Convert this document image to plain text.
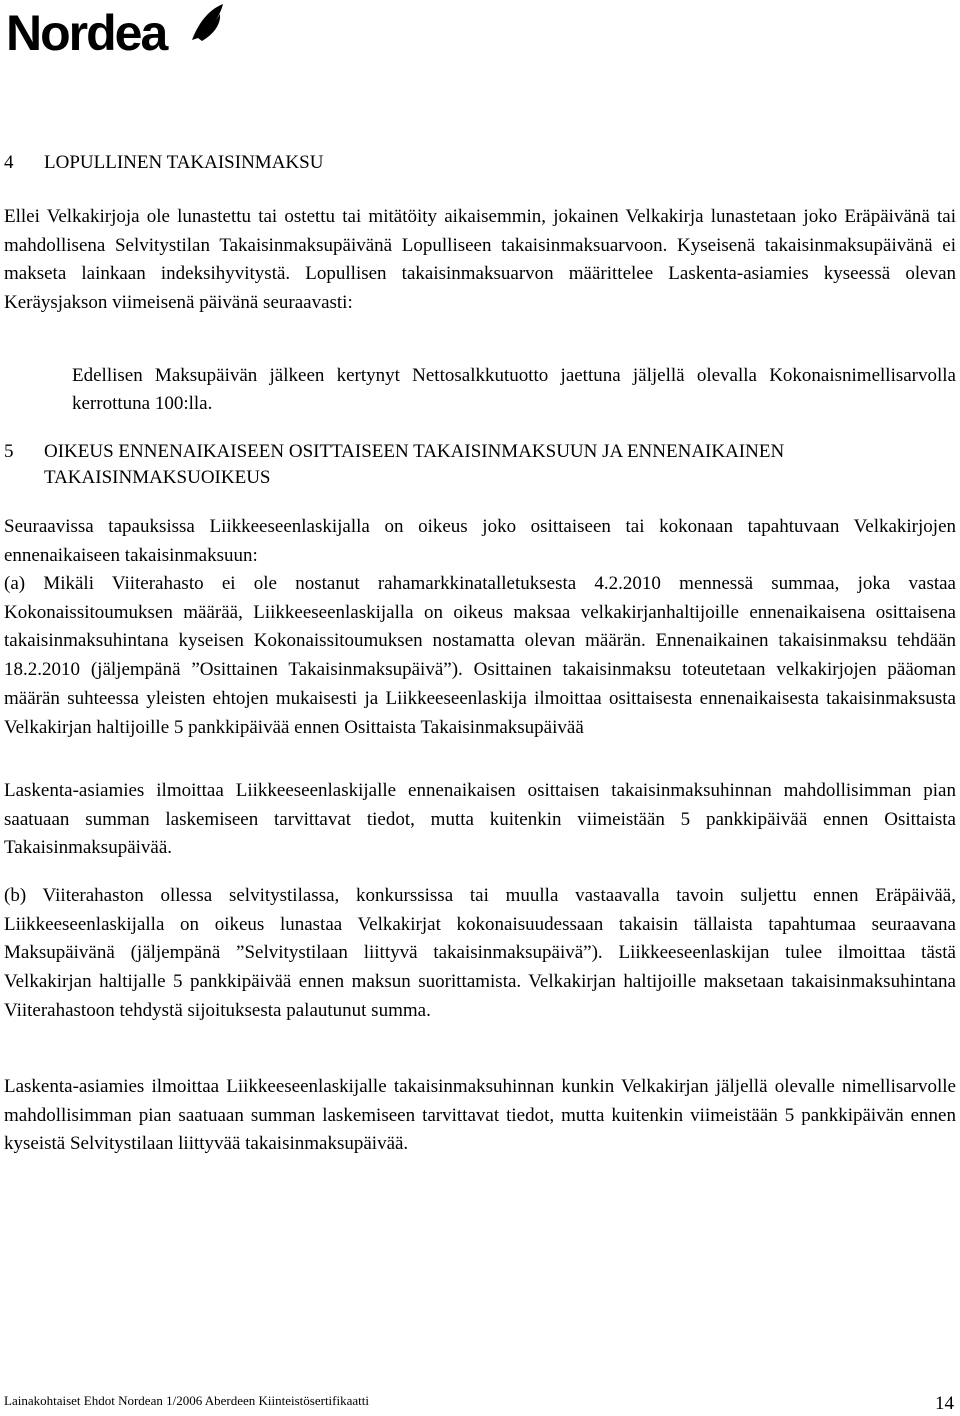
Nordea
4 LOPULLINEN TAKAISINMAKSU

Ellei Velkakirjoja ole lunastettu tai ostettu tai mitätöity aikaisemmin, jokainen Velkakirja lunastetaan joko Eräpäivänä tai mahdollisena Selvitystilan Takaisinmaksupäivänä Lopulliseen takaisinmaksuarvoon. Kyseisenä takaisinmaksupäivänä ei makseta lainkaan indeksihyvitystä. Lopullisen takaisinmaksuarvon määrittelee Laskenta-asiamies kyseessä olevan Keräysjakson viimeisenä päivänä seuraavasti:

Edellisen Maksupäivän jälkeen kertynyt Nettosalkkutuotto jaettuna jäljellä olevalla Kokonaisnimellisarvolla kerrottuna 100:lla.

5 OIKEUS ENNENAIKAISEEN OSITTAISEEN TAKAISINMAKSUUN JA ENNENAIKAINEN
TAKAISINMAKSUOIKEUS

Seuraavissa tapauksissa Liikkeeseenlaskijalla on oikeus joko osittaiseen tai kokonaan tapahtuvaan Velkakirjojen ennenaikaiseen takaisinmaksuun:

(a) Mikäli Viiterahasto ei ole nostanut rahamarkkinatalletuksesta 4.2.2010 mennessä summaa, joka vastaa Kokonaissitoumuksen määrää, Liikkeeseenlaskijalla on oikeus maksaa velkakirjanhaltijoille ennenaikaisena osittaisena takaisinmaksuhintana kyseisen Kokonaissitoumuksen nostamatta olevan määrän. Ennenaikainen takaisinmaksu tehdään 18.2.2010 (jäljempänä ”Osittainen Takaisinmaksupäivä”). Osittainen takaisinmaksu toteutetaan velkakirjojen pääoman määrän suhteessa yleisten ehtojen mukaisesti ja Liikkeeseenlaskija ilmoittaa osittaisesta ennenaikaisesta takaisinmaksusta Velkakirjan haltijoille 5 pankkipäivää ennen Osittaista Takaisinmaksupäivää

Laskenta-asiamies ilmoittaa Liikkeeseenlaskijalle ennenaikaisen osittaisen takaisinmaksuhinnan mahdollisimman pian saatuaan summan laskemiseen tarvittavat tiedot, mutta kuitenkin viimeistään 5 pankkipäivää ennen Osittaista Takaisinmaksupäivää.

(b) Viiterahaston ollessa selvitystilassa, konkurssissa tai muulla vastaavalla tavoin suljettu ennen Eräpäivää, Liikkeeseenlaskijalla on oikeus lunastaa Velkakirjat kokonaisuudessaan takaisin tällaista tapahtumaa seuraavana Maksupäivänä (jäljempänä ”Selvitystilaan liittyvä takaisinmaksupäivä”). Liikkeeseenlaskijan tulee ilmoittaa tästä Velkakirjan haltijalle 5 pankkipäivää ennen maksun suorittamista. Velkakirjan haltijoille maksetaan takaisinmaksuhintana Viiterahastoon tehdystä sijoituksesta palautunut summa.

Laskenta-asiamies ilmoittaa Liikkeeseenlaskijalle takaisinmaksuhinnan kunkin Velkakirjan jäljellä olevalle nimellisarvolle mahdollisimman pian saatuaan summan laskemiseen tarvittavat tiedot, mutta kuitenkin viimeistään 5 pankkipäivän ennen kyseistä Selvitystilaan liittyvää takaisinmaksupäivää.

Lainakohtaiset Ehdot Nordean 1/2006 Aberdeen Kiinteistösertifikaatti	14
